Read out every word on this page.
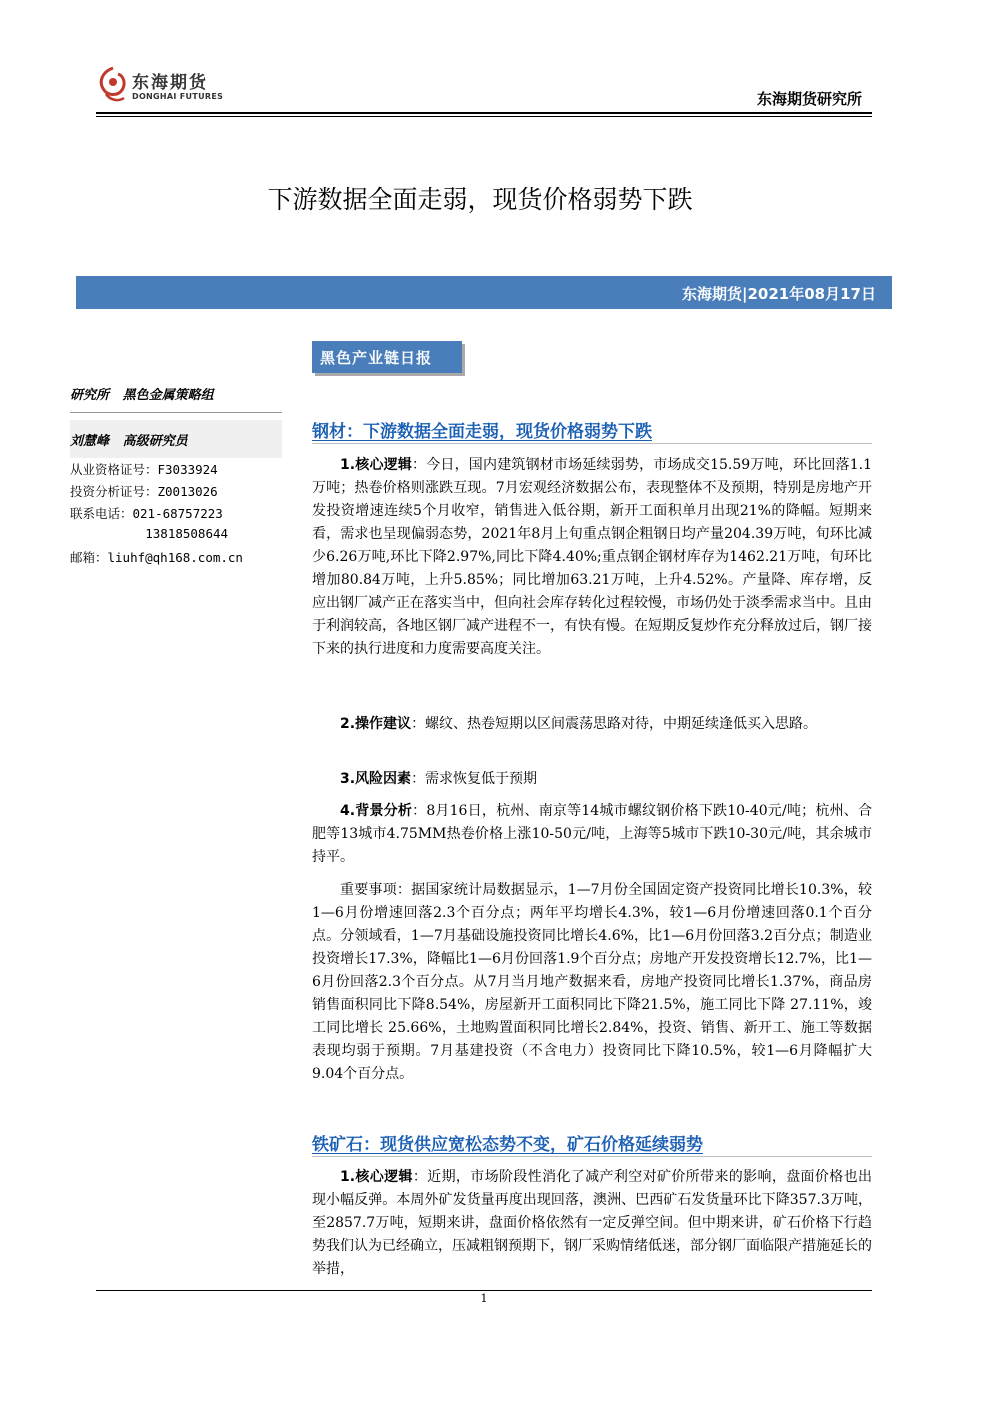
东海期货
DONGHAI FUTURES	东海期货研究所
下游数据全面走弱，现货价格弱势下跌
东海期货|2021年08月17日
黑色产业链日报
研究所   黑色金属策略组
刘慧峰   高级研究员
从业资格证号：F3033924
投资分析证号：Z0013026
联系电话：021-68757223
13818508644
邮箱：liuhf@qh168.com.cn
钢材：下游数据全面走弱，现货价格弱势下跌

1.核心逻辑：今日，国内建筑钢材市场延续弱势，市场成交15.59万吨，环比回落1.1万吨；热卷价格则涨跌互现。7月宏观经济数据公布，表现整体不及预期，特别是房地产开发投资增速连续5个月收窄，销售进入低谷期，新开工面积单月出现21%的降幅。短期来看，需求也呈现偏弱态势，2021年8月上旬重点钢企粗钢日均产量204.39万吨，旬环比减少6.26万吨,环比下降2.97%,同比下降4.40%;重点钢企钢材库存为1462.21万吨，旬环比增加80.84万吨，上升5.85%；同比增加63.21万吨，上升4.52%。产量降、库存增，反应出钢厂减产正在落实当中，但向社会库存转化过程较慢，市场仍处于淡季需求当中。且由于利润较高，各地区钢厂减产进程不一，有快有慢。在短期反复炒作充分释放过后，钢厂接下来的执行进度和力度需要高度关注。

2.操作建议：螺纹、热卷短期以区间震荡思路对待，中期延续逢低买入思路。

3.风险因素：需求恢复低于预期

4.背景分析：8月16日，杭州、南京等14城市螺纹钢价格下跌10-40元/吨；杭州、合肥等13城市4.75MM热卷价格上涨10-50元/吨，上海等5城市下跌10-30元/吨，其余城市持平。

重要事项：据国家统计局数据显示，1—7月份全国固定资产投资同比增长10.3%，较1—6月份增速回落2.3个百分点；两年平均增长4.3%，较1—6月份增速回落0.1个百分点。分领域看，1—7月基础设施投资同比增长4.6%，比1—6月份回落3.2百分点；制造业投资增长17.3%，降幅比1—6月份回落1.9个百分点；房地产开发投资增长12.7%，比1—6月份回落2.3个百分点。从7月当月地产数据来看，房地产投资同比增长1.37%，商品房销售面积同比下降8.54%，房屋新开工面积同比下降21.5%，施工同比下降 27.11%，竣工同比增长 25.66%，土地购置面积同比增长2.84%，投资、销售、新开工、施工等数据表现均弱于预期。7月基建投资（不含电力）投资同比下降10.5%，较1—6月降幅扩大9.04个百分点。

铁矿石：现货供应宽松态势不变，矿石价格延续弱势

1.核心逻辑：近期，市场阶段性消化了减产利空对矿价所带来的影响，盘面价格也出现小幅反弹。本周外矿发货量再度出现回落，澳洲、巴西矿石发货量环比下降357.3万吨，至2857.7万吨，短期来讲，盘面价格依然有一定反弹空间。但中期来讲，矿石价格下行趋势我们认为已经确立，压减粗钢预期下，钢厂采购情绪低迷，部分钢厂面临限产措施延长的举措，

1
